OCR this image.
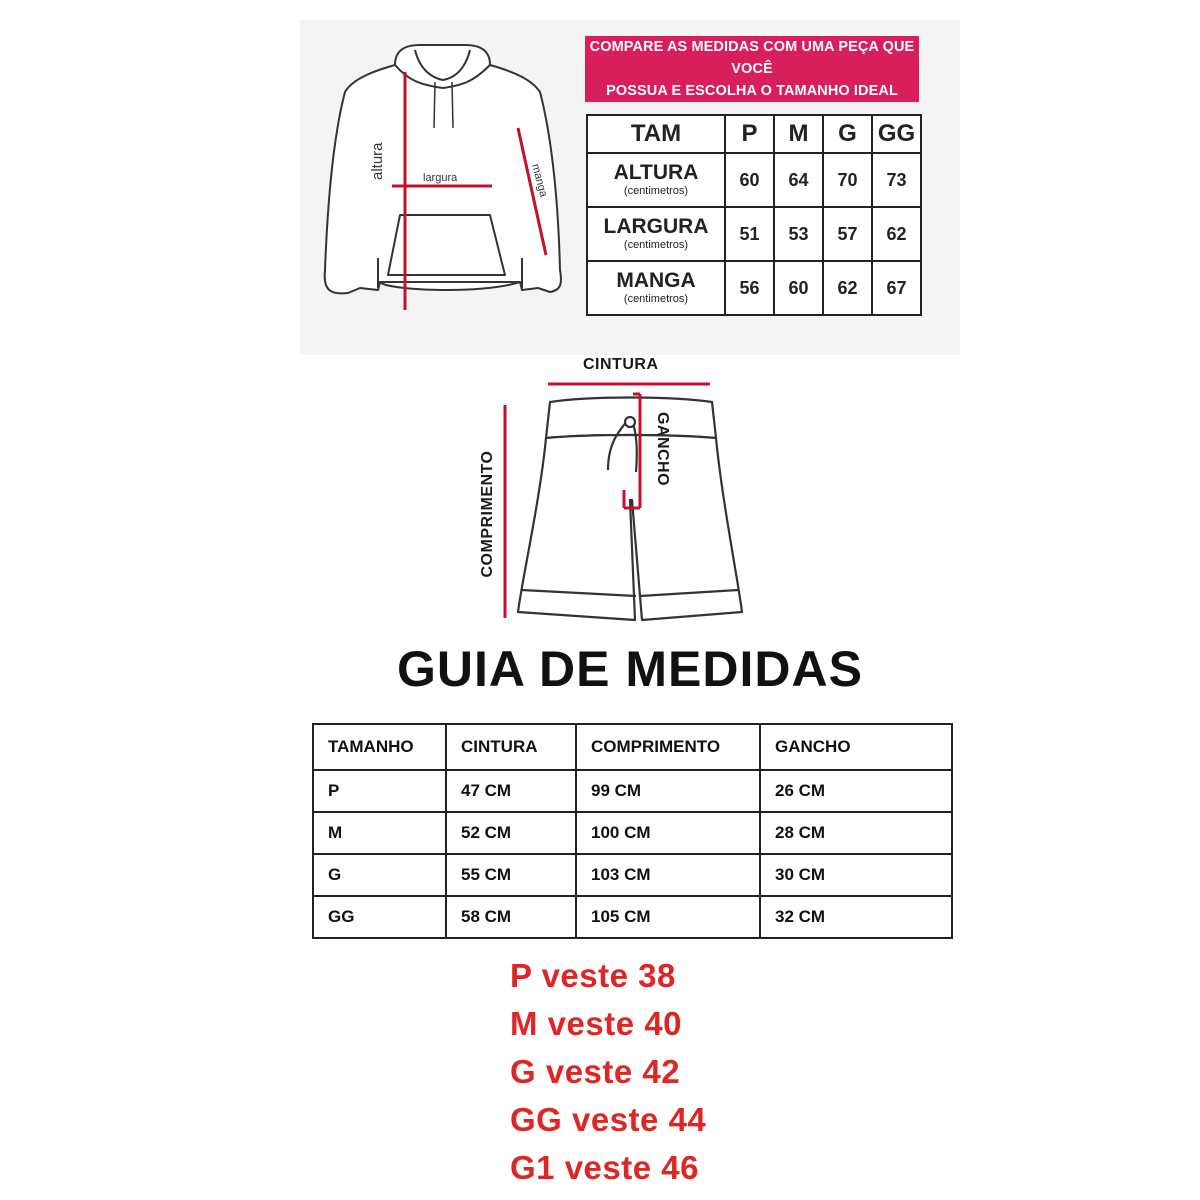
altura	largura	manga
COMPARE AS MEDIDAS COM UMA PEÇA QUE VOCÊ
POSSUA E ESCOLHA O TAMANHO IDEAL
TAM	P	M	G	GG

ALTURA
(centimetros)	60	64	70	73

LARGURA
(centimetros)	51	53	57	62

MANGA
(centimetros)	56	60	62	67
CINTURA
COMPRIMENTO
GANCHO
GUIA DE MEDIDAS
TAMANHO	CINTURA	COMPRIMENTO	GANCHO
P	47 CM	99 CM	26 CM
M	52 CM	100 CM	28 CM
G	55 CM	103 CM	30 CM
GG	58 CM	105 CM	32 CM
P veste 38
M veste 40
G veste 42
GG veste 44
G1 veste 46
